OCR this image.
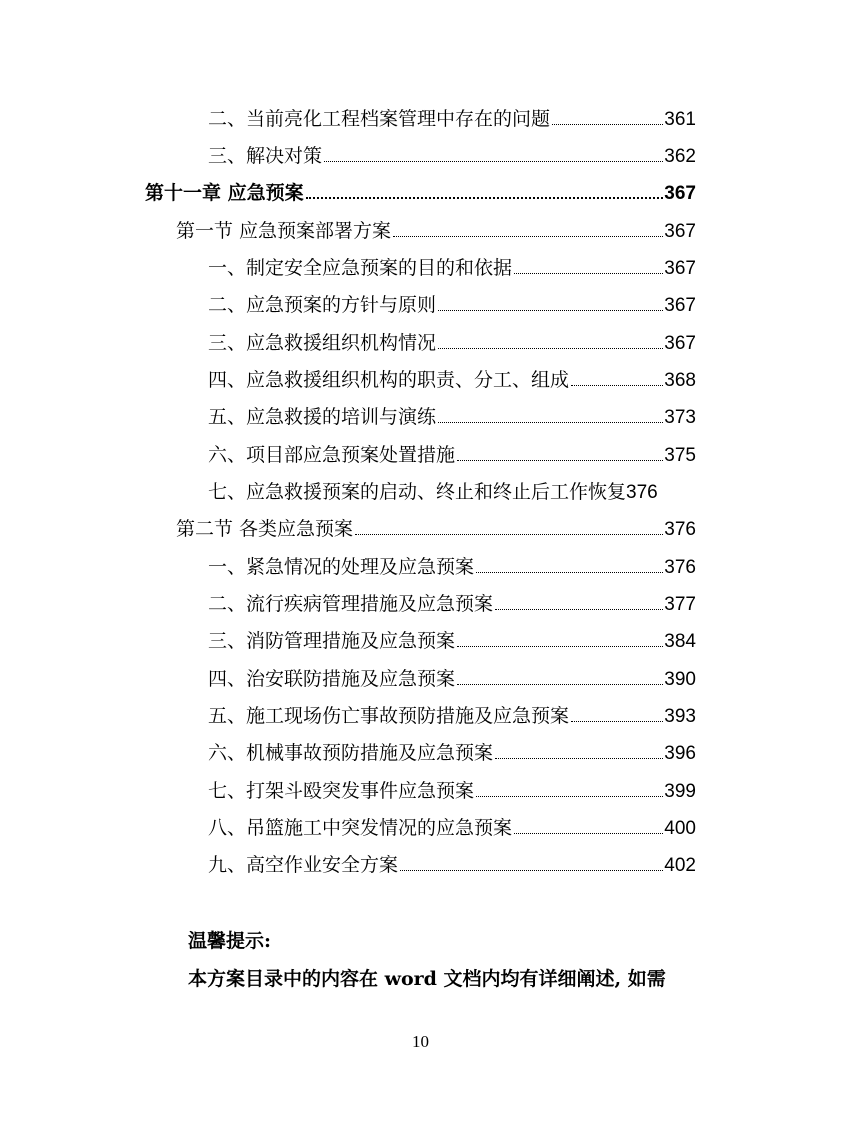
二、当前亮化工程档案管理中存在的问题	361
三、解决对策	362
第十一章 应急预案	367
第一节 应急预案部署方案	367
一、制定安全应急预案的目的和依据	367
二、应急预案的方针与原则	367
三、应急救援组织机构情况	367
四、应急救援组织机构的职责、分工、组成	368
五、应急救援的培训与演练	373
六、项目部应急预案处置措施	375
七、应急救援预案的启动、终止和终止后工作恢复 376
第二节 各类应急预案	376
一、紧急情况的处理及应急预案	376
二、流行疾病管理措施及应急预案	377
三、消防管理措施及应急预案	384
四、治安联防措施及应急预案	390
五、施工现场伤亡事故预防措施及应急预案	393
六、机械事故预防措施及应急预案	396
七、打架斗殴突发事件应急预案	399
八、吊篮施工中突发情况的应急预案	400
九、高空作业安全方案	402
温馨提示:
本方案目录中的内容在 word 文档内均有详细阐述, 如需
10
